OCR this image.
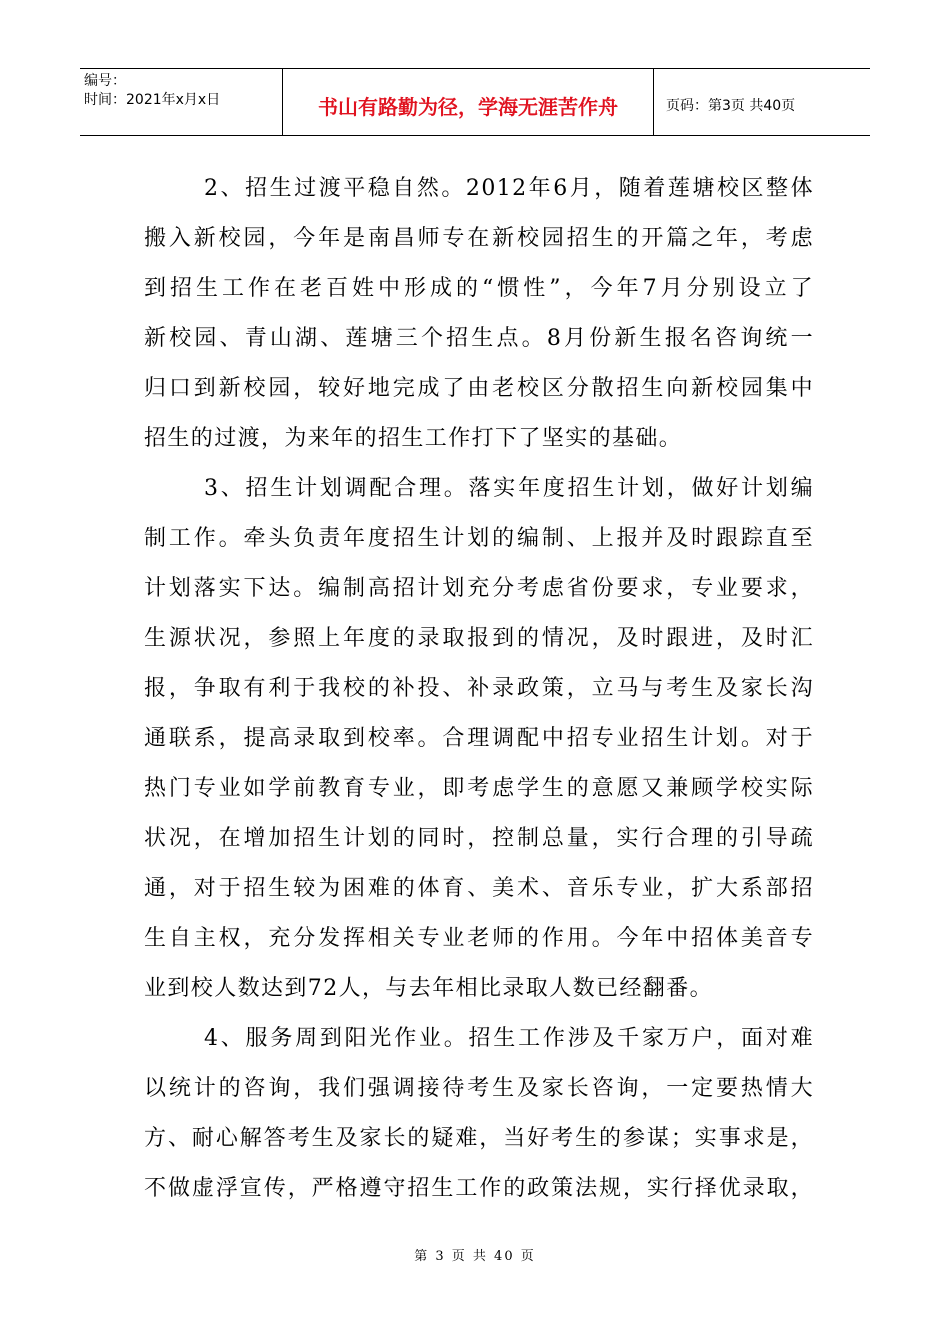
编号：
时间：2021年x月x日	书山有路勤为径，学海无涯苦作舟	页码：第3页 共40页
2、招生过渡平稳自然。2012年6月，随着莲塘校区整体
搬入新校园，今年是南昌师专在新校园招生的开篇之年，考虑
到招生工作在老百姓中形成的“惯性”，今年7月分别设立了
新校园、青山湖、莲塘三个招生点。8月份新生报名咨询统一
归口到新校园，较好地完成了由老校区分散招生向新校园集中
招生的过渡，为来年的招生工作打下了坚实的基础。
3、招生计划调配合理。落实年度招生计划，做好计划编
制工作。牵头负责年度招生计划的编制、上报并及时跟踪直至
计划落实下达。编制高招计划充分考虑省份要求，专业要求，
生源状况，参照上年度的录取报到的情况，及时跟进，及时汇
报，争取有利于我校的补投、补录政策，立马与考生及家长沟
通联系，提高录取到校率。合理调配中招专业招生计划。对于
热门专业如学前教育专业，即考虑学生的意愿又兼顾学校实际
状况，在增加招生计划的同时，控制总量，实行合理的引导疏
通，对于招生较为困难的体育、美术、音乐专业，扩大系部招
生自主权，充分发挥相关专业老师的作用。今年中招体美音专
业到校人数达到72人，与去年相比录取人数已经翻番。
4、服务周到阳光作业。招生工作涉及千家万户，面对难
以统计的咨询，我们强调接待考生及家长咨询，一定要热情大
方、耐心解答考生及家长的疑难，当好考生的参谋；实事求是，
不做虚浮宣传，严格遵守招生工作的政策法规，实行择优录取，
第 3 页 共 40 页
